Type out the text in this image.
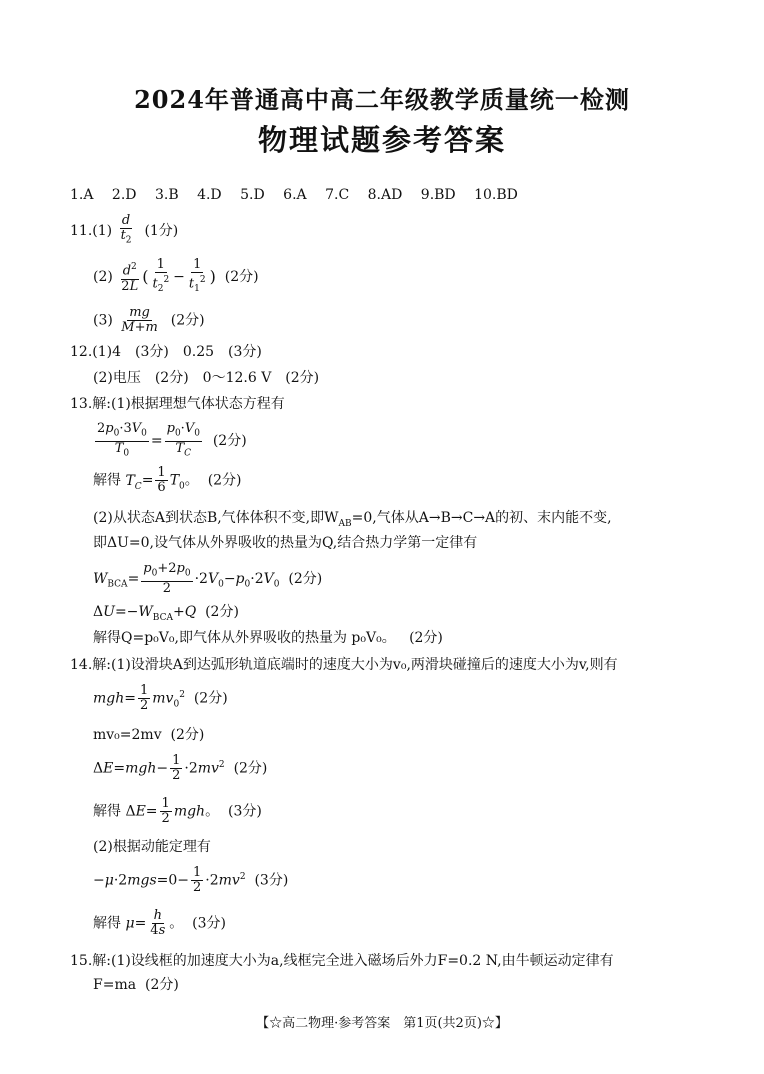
2024年普通高中高二年级教学质量统一检测
物理试题参考答案
1.A 2.D 3.B 4.D 5.D 6.A 7.C 8.AD 9.BD 10.BD
$11.(1) \frac{d}{t_2} (1$分)
$(2) \frac{d^2}{2L}$ ( $\frac{1}{t_2^2} - \frac{1}{t_1^2}$ ) (2分)
$(3) \frac{mg}{M+m} (2$分)
12.(1)4　(3分)　0.25　(3分)
(2)电压　(2分)　0～12.6 V　(2分)
13.解:(1)根据理想气体状态方程有
$\frac{2p_0\cdot 3V_0}{T_0} = \frac{p_0\cdot V_0}{T_C} (2$分)
解得 $T_C= \frac{1}{6} T_0$。  (2分)
(2)从状态A到状态B,气体体积不变,即$W_{AB}=0$,气体从A→B→C→A的初、末内能不变,
即ΔU=0,设气体从外界吸收的热量为Q,结合热力学第一定律有
$W_{BCA}= \frac{p_0+2p_0}{2} \cdot 2V_0-p_0\cdot 2V_0$ (2分)
$\Delta U=-W_{BCA}+Q$ (2分)
解得Q=p₀V₀,即气体从外界吸收的热量为 p₀V₀。 (2分)
14.解:(1)设滑块A到达弧形轨道底端时的速度大小为v₀,两滑块碰撞后的速度大小为v,则有
$mgh= \frac{1}{2} mv_0^2$ (2分)
mv₀=2mv (2分)
$\Delta E=mgh- \frac{1}{2} \cdot 2mv^2$ (2分)
解得 $\Delta E= \frac{1}{2}$ mgh。  (3分)
(2)根据动能定理有
$-\mu\cdot 2mgs=0- \frac{1}{2} \cdot 2mv^2$ (3分)
解得 $\mu= \frac{h}{4s}$ 。  (3分)
15.解:(1)设线框的加速度大小为a,线框完全进入磁场后外力F=0.2 N,由牛顿运动定律有
F=ma (2分)
【☆高二物理·参考答案　第1页(共2页)☆】
